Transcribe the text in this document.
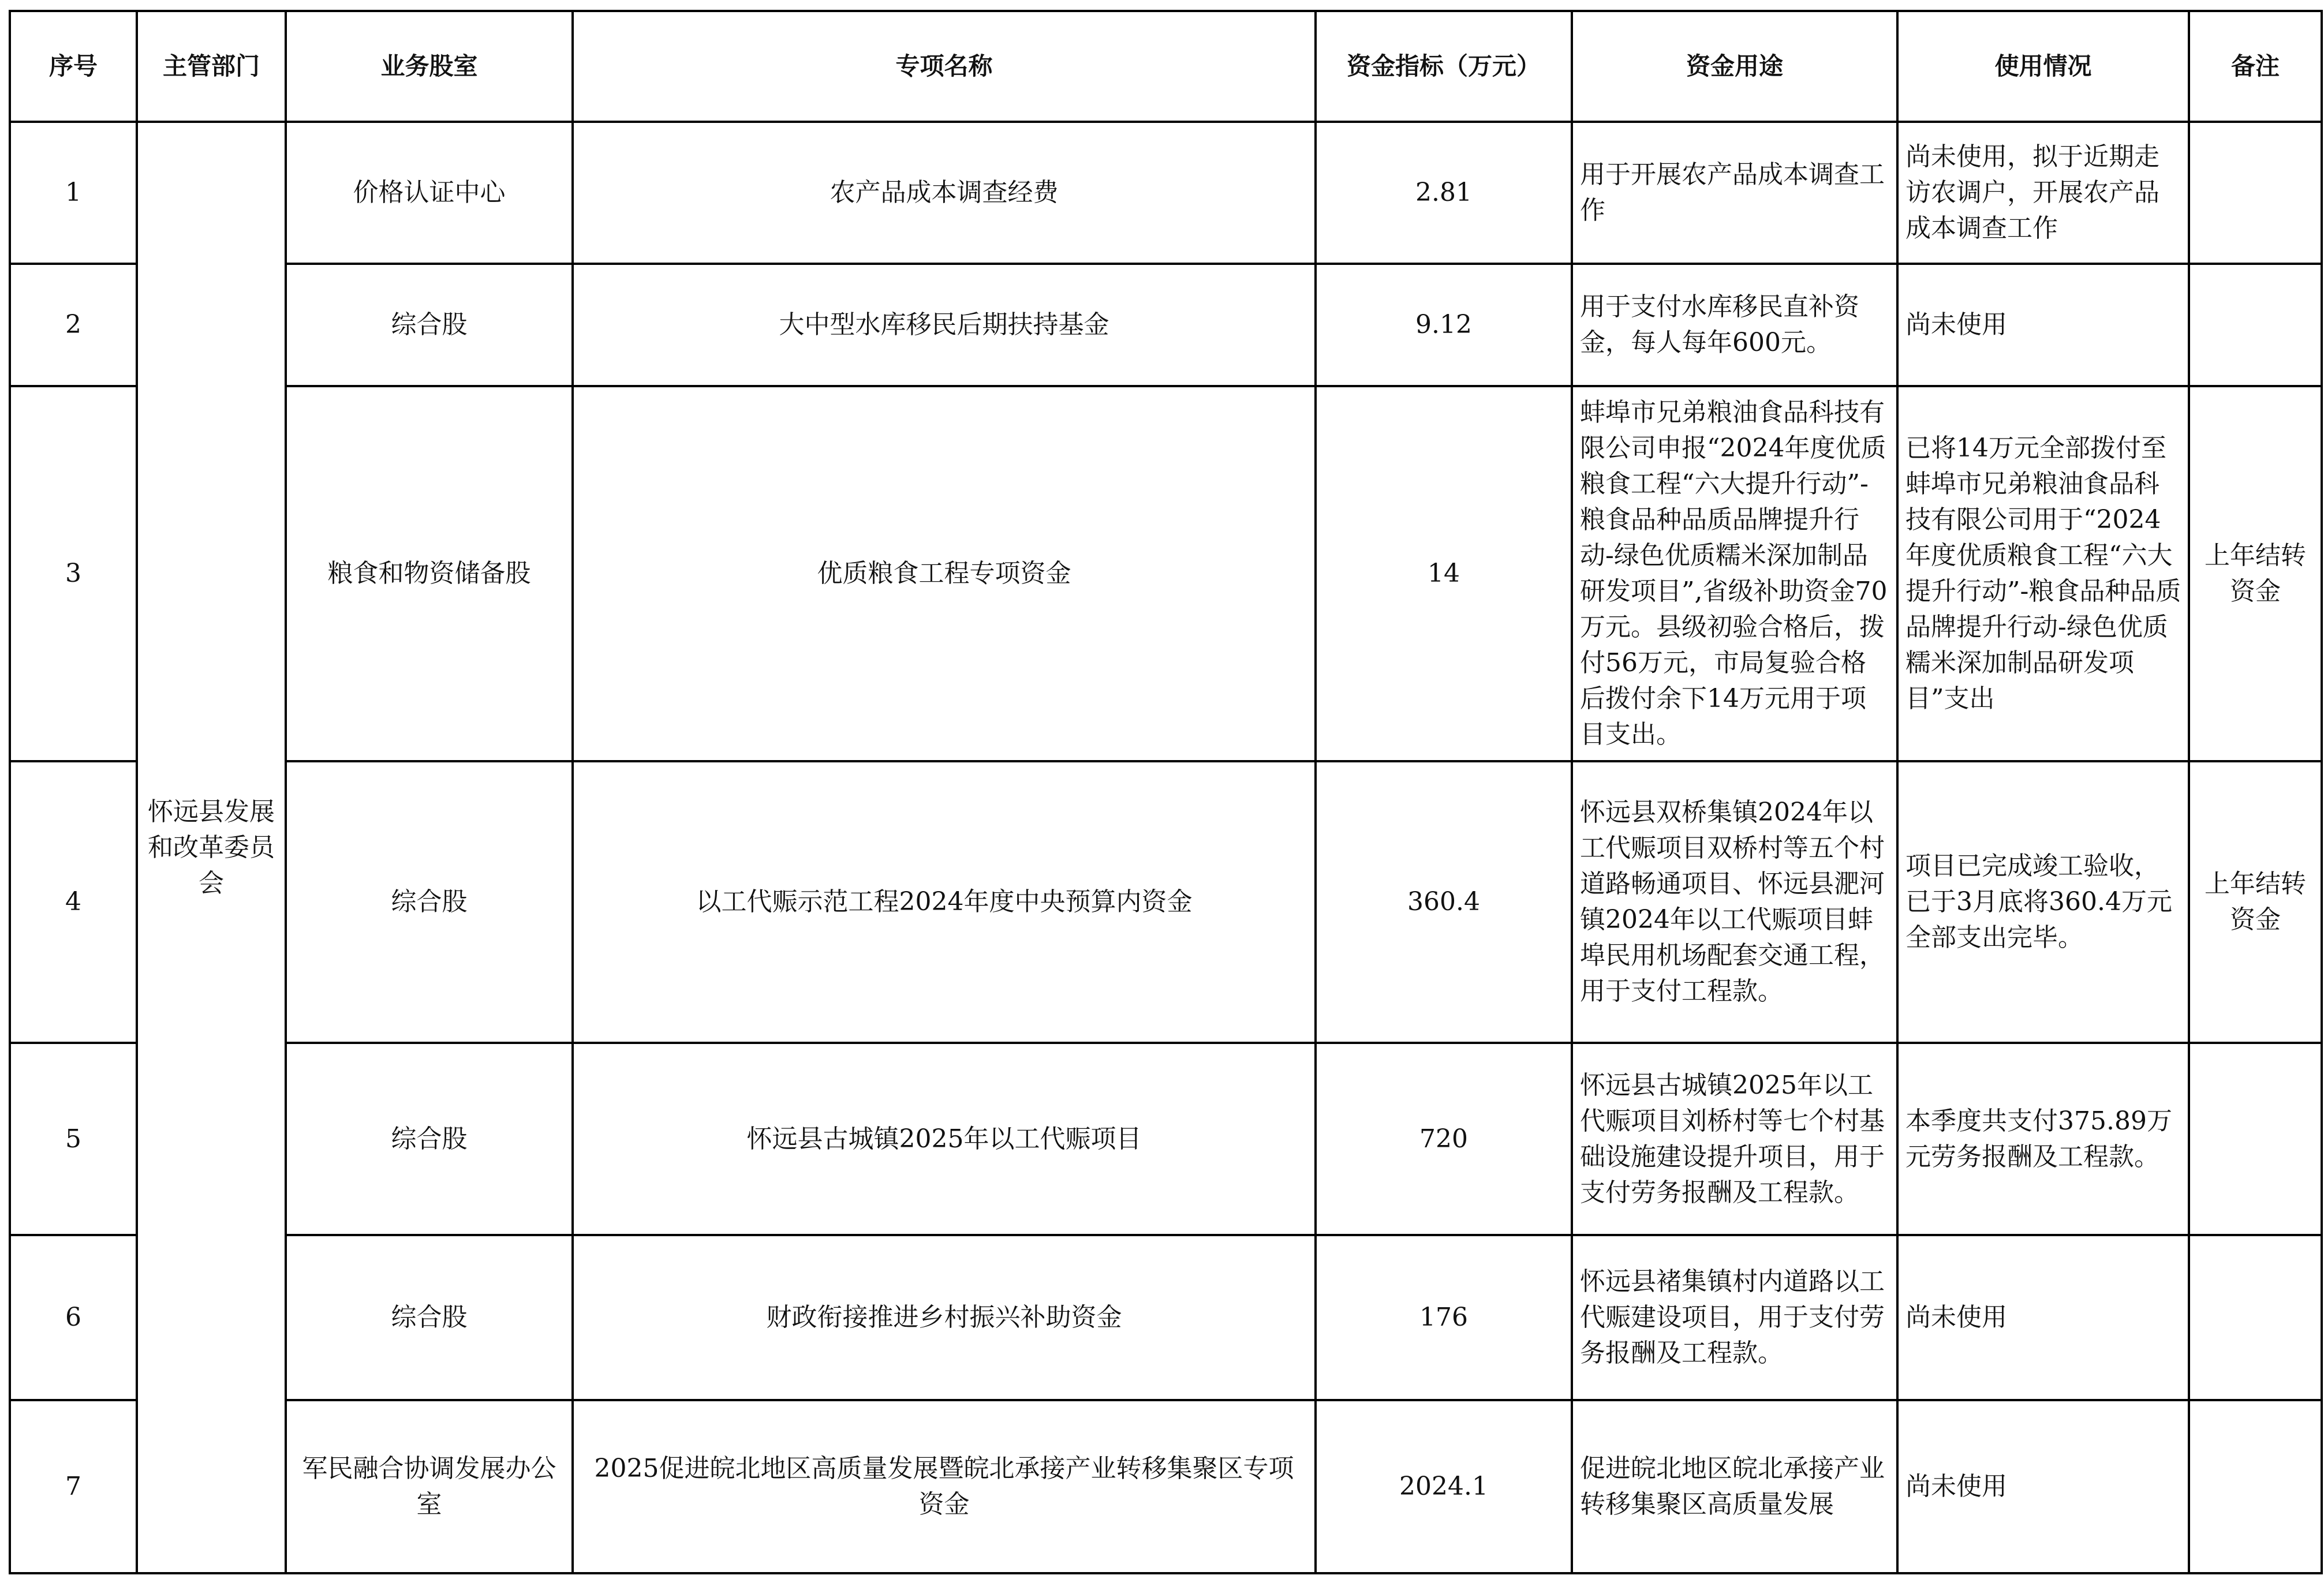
序号	主管部门	业务股室	专项名称	资金指标（万元）	资金用途	使用情况	备注
1	怀远县发展和改革委员会	价格认证中心	农产品成本调查经费	2.81	用于开展农产品成本调查工作	尚未使用，拟于近期走访农调户，开展农产品成本调查工作	
2		综合股	大中型水库移民后期扶持基金	9.12	用于支付水库移民直补资金，每人每年600元。	尚未使用	
3		粮食和物资储备股	优质粮食工程专项资金	14	蚌埠市兄弟粮油食品科技有限公司申报“2024年度优质粮食工程“六大提升行动”-粮食品种品质品牌提升行动-绿色优质糯米深加制品研发项目”,省级补助资金70万元。县级初验合格后，拨付56万元，市局复验合格后拨付余下14万元用于项目支出。	已将14万元全部拨付至蚌埠市兄弟粮油食品科技有限公司用于“2024年度优质粮食工程“六大提升行动”-粮食品种品质品牌提升行动-绿色优质糯米深加制品研发项目”支出	上年结转资金
4		综合股	以工代赈示范工程2024年度中央预算内资金	360.4	怀远县双桥集镇2024年以工代赈项目双桥村等五个村道路畅通项目、怀远县淝河镇2024年以工代赈项目蚌埠民用机场配套交通工程，用于支付工程款。	项目已完成竣工验收，已于3月底将360.4万元全部支出完毕。	上年结转资金
5		综合股	怀远县古城镇2025年以工代赈项目	720	怀远县古城镇2025年以工代赈项目刘桥村等七个村基础设施建设提升项目，用于支付劳务报酬及工程款。	本季度共支付375.89万元劳务报酬及工程款。	
6		综合股	财政衔接推进乡村振兴补助资金	176	怀远县褚集镇村内道路以工代赈建设项目，用于支付劳务报酬及工程款。	尚未使用	
7		军民融合协调发展办公室	2025促进皖北地区高质量发展暨皖北承接产业转移集聚区专项资金	2024.1	促进皖北地区皖北承接产业转移集聚区高质量发展	尚未使用	
